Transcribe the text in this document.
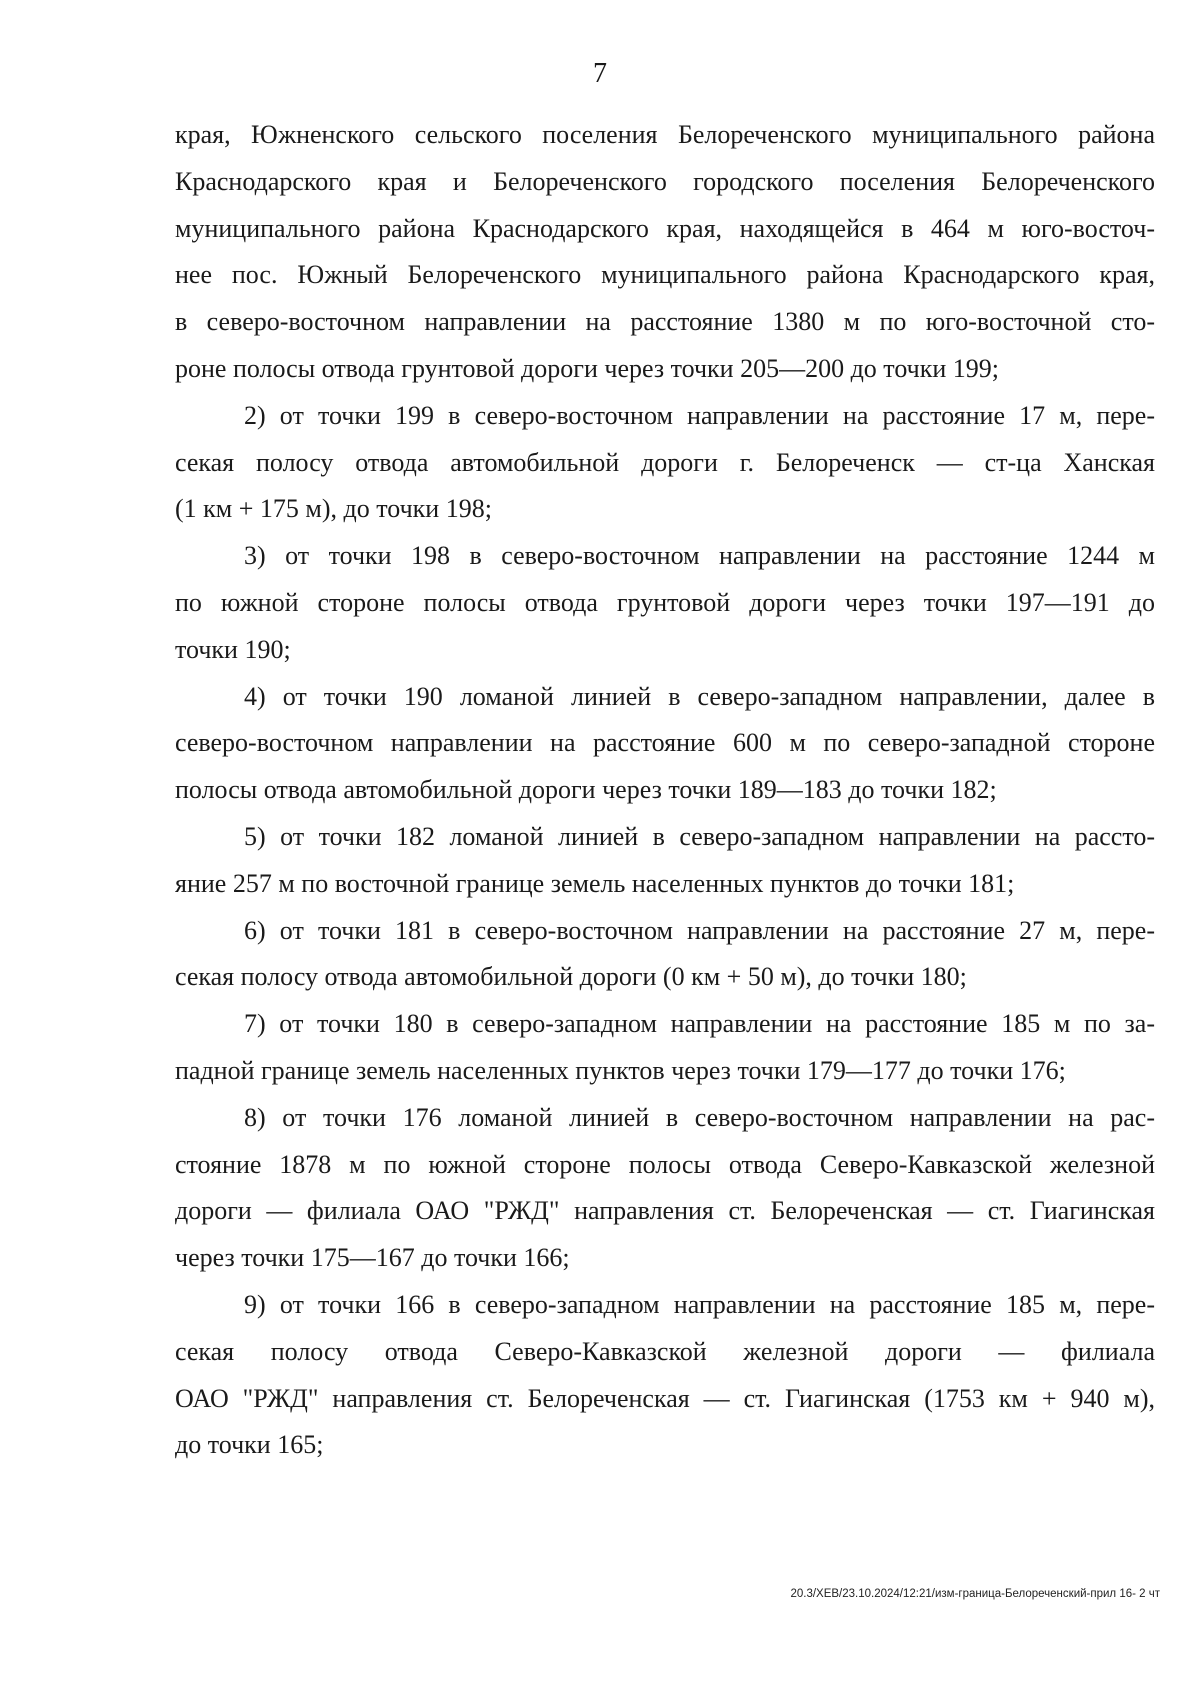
7
края, Южненского сельского поселения Белореченского муниципального района
Краснодарского края и Белореченского городского поселения Белореченского
муниципального района Краснодарского края, находящейся в 464 м юго-восточ-
нее пос. Южный Белореченского муниципального района Краснодарского края,
в северо-восточном направлении на расстояние 1380 м по юго-восточной сто-
роне полосы отвода грунтовой дороги через точки 205—200 до точки 199;
2) от точки 199 в северо-восточном направлении на расстояние 17 м, пере-
секая полосу отвода автомобильной дороги г. Белореченск — ст-ца Ханская
(1 км + 175 м), до точки 198;
3) от точки 198 в северо-восточном направлении на расстояние 1244 м
по южной стороне полосы отвода грунтовой дороги через точки 197—191 до
точки 190;
4) от точки 190 ломаной линией в северо-западном направлении, далее в
северо-восточном направлении на расстояние 600 м по северо-западной стороне
полосы отвода автомобильной дороги через точки 189—183 до точки 182;
5) от точки 182 ломаной линией в северо-западном направлении на рассто-
яние 257 м по восточной границе земель населенных пунктов до точки 181;
6) от точки 181 в северо-восточном направлении на расстояние 27 м, пере-
секая полосу отвода автомобильной дороги (0 км + 50 м), до точки 180;
7) от точки 180 в северо-западном направлении на расстояние 185 м по за-
падной границе земель населенных пунктов через точки 179—177 до точки 176;
8) от точки 176 ломаной линией в северо-восточном направлении на рас-
стояние 1878 м по южной стороне полосы отвода Северо-Кавказской железной
дороги — филиала ОАО "РЖД" направления ст. Белореченская — ст. Гиагинская
через точки 175—167 до точки 166;
9) от точки 166 в северо-западном направлении на расстояние 185 м, пере-
секая полосу отвода Северо-Кавказской железной дороги — филиала
ОАО "РЖД" направления ст. Белореченская — ст. Гиагинская (1753 км + 940 м),
до точки 165;
20.3/ХЕВ/23.10.2024/12:21/изм-граница-Белореченский-прил 16- 2 чт
